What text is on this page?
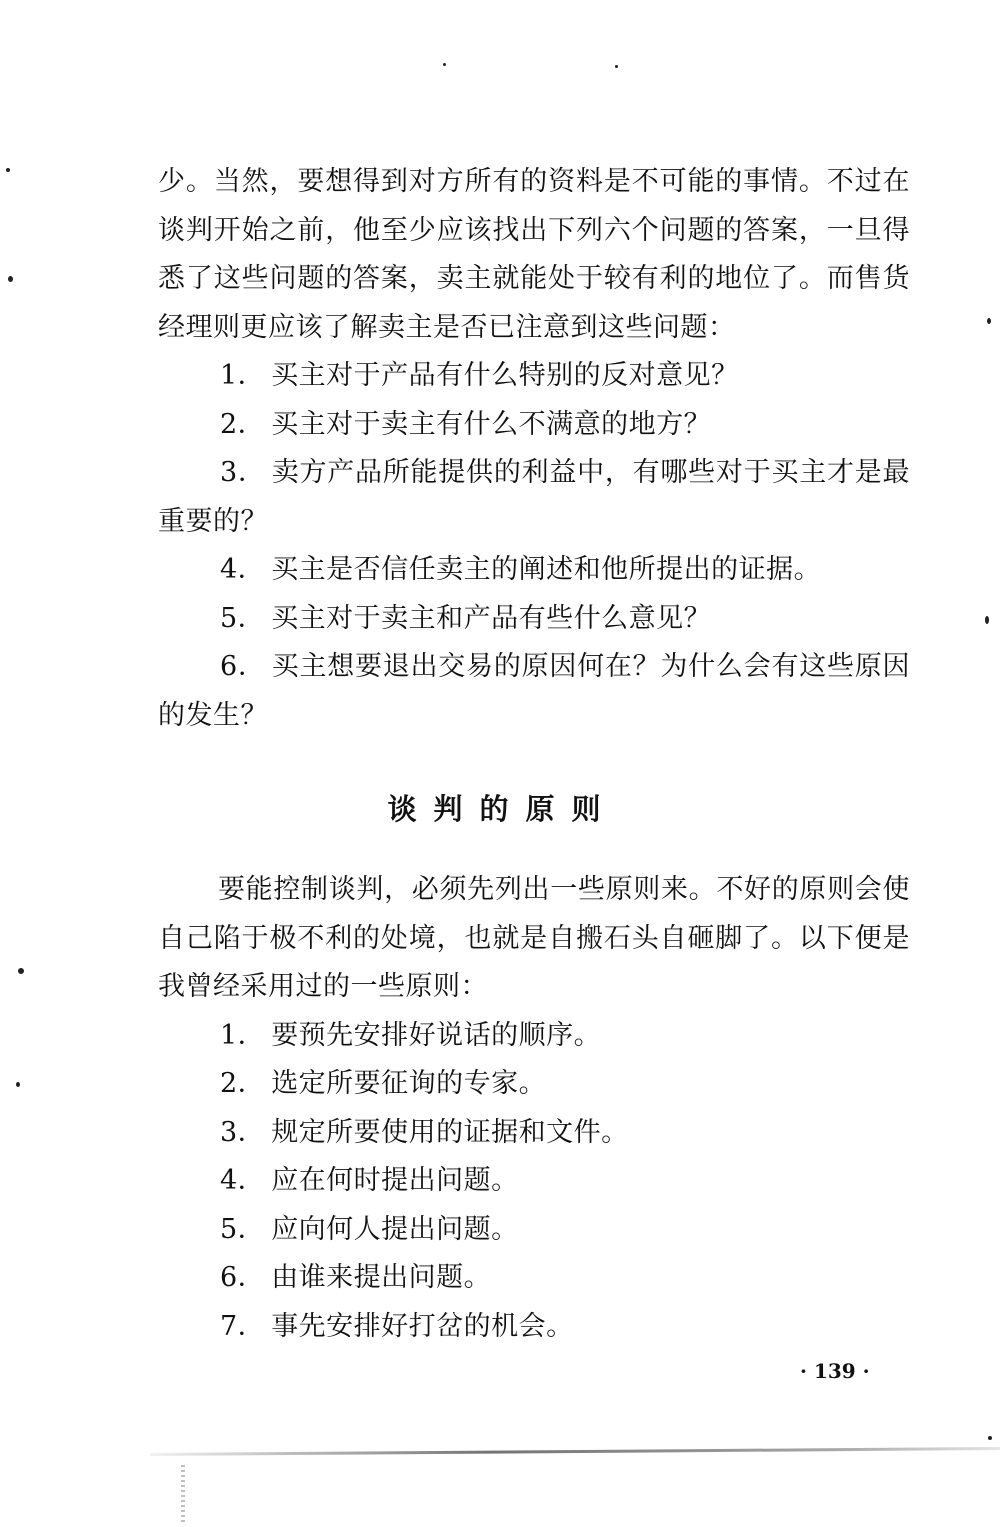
少。当然，要想得到对方所有的资料是不可能的事情。不过在谈判开始之前，他至少应该找出下列六个问题的答案，一旦得悉了这些问题的答案，卖主就能处于较有利的地位了。而售货经理则更应该了解卖主是否已注意到这些问题：

1． 买主对于产品有什么特别的反对意见？

2． 买主对于卖主有什么不满意的地方？

3． 卖方产品所能提供的利益中，有哪些对于买主才是最重要的？

4． 买主是否信任卖主的阐述和他所提出的证据。

5． 买主对于卖主和产品有些什么意见？

6． 买主想要退出交易的原因何在？为什么会有这些原因的发生？

谈判的原则

要能控制谈判，必须先列出一些原则来。不好的原则会使自己陷于极不利的处境，也就是自搬石头自砸脚了。以下便是我曾经采用过的一些原则：

1． 要预先安排好说话的顺序。

2． 选定所要征询的专家。

3． 规定所要使用的证据和文件。

4． 应在何时提出问题。

5． 应向何人提出问题。

6． 由谁来提出问题。

7． 事先安排好打岔的机会。

· 139 ·
